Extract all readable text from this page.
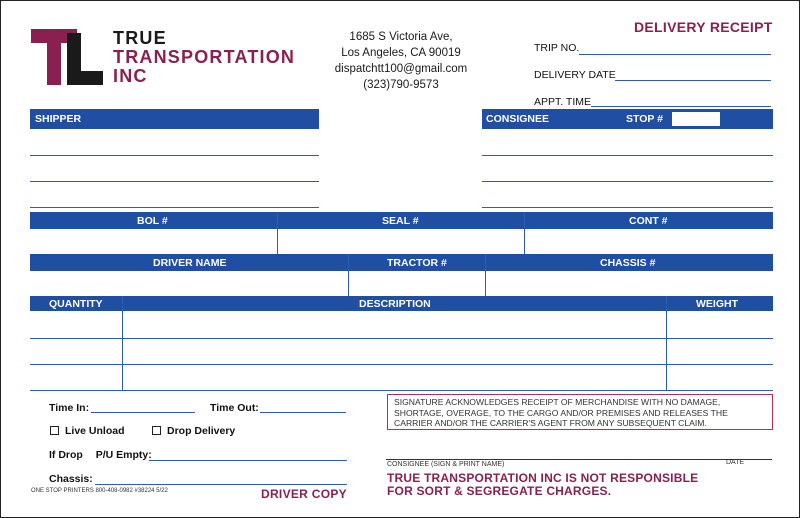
TRUE
TRANSPORTATION
INC
1685 S Victoria Ave,
Los Angeles, CA 90019
dispatchtt100@gmail.com
(323)790-9573
DELIVERY RECEIPT
TRIP NO.
DELIVERY DATE
APPT. TIME
SHIPPER	CONSIGNEE	STOP #
BOL #	SEAL #	CONT #
DRIVER NAME	TRACTOR #	CHASSIS #
QUANTITY	DESCRIPTION	WEIGHT
Time In:	Time Out:
Live Unload	Drop Delivery
If Drop P/U Empty:
Chassis:
ONE STOP PRINTERS 800-408-0982 #38224 5/22	DRIVER COPY
SIGNATURE ACKNOWLEDGES RECEIPT OF MERCHANDISE WITH NO DAMAGE, SHORTAGE, OVERAGE, TO THE CARGO AND/OR PREMISES AND RELEASES THE CARRIER AND/OR THE CARRIER'S AGENT FROM ANY SUBSEQUENT CLAIM.
CONSIGNEE (SIGN & PRINT NAME)	DATE
TRUE TRANSPORTATION INC IS NOT RESPONSIBLE
FOR SORT & SEGREGATE CHARGES.
